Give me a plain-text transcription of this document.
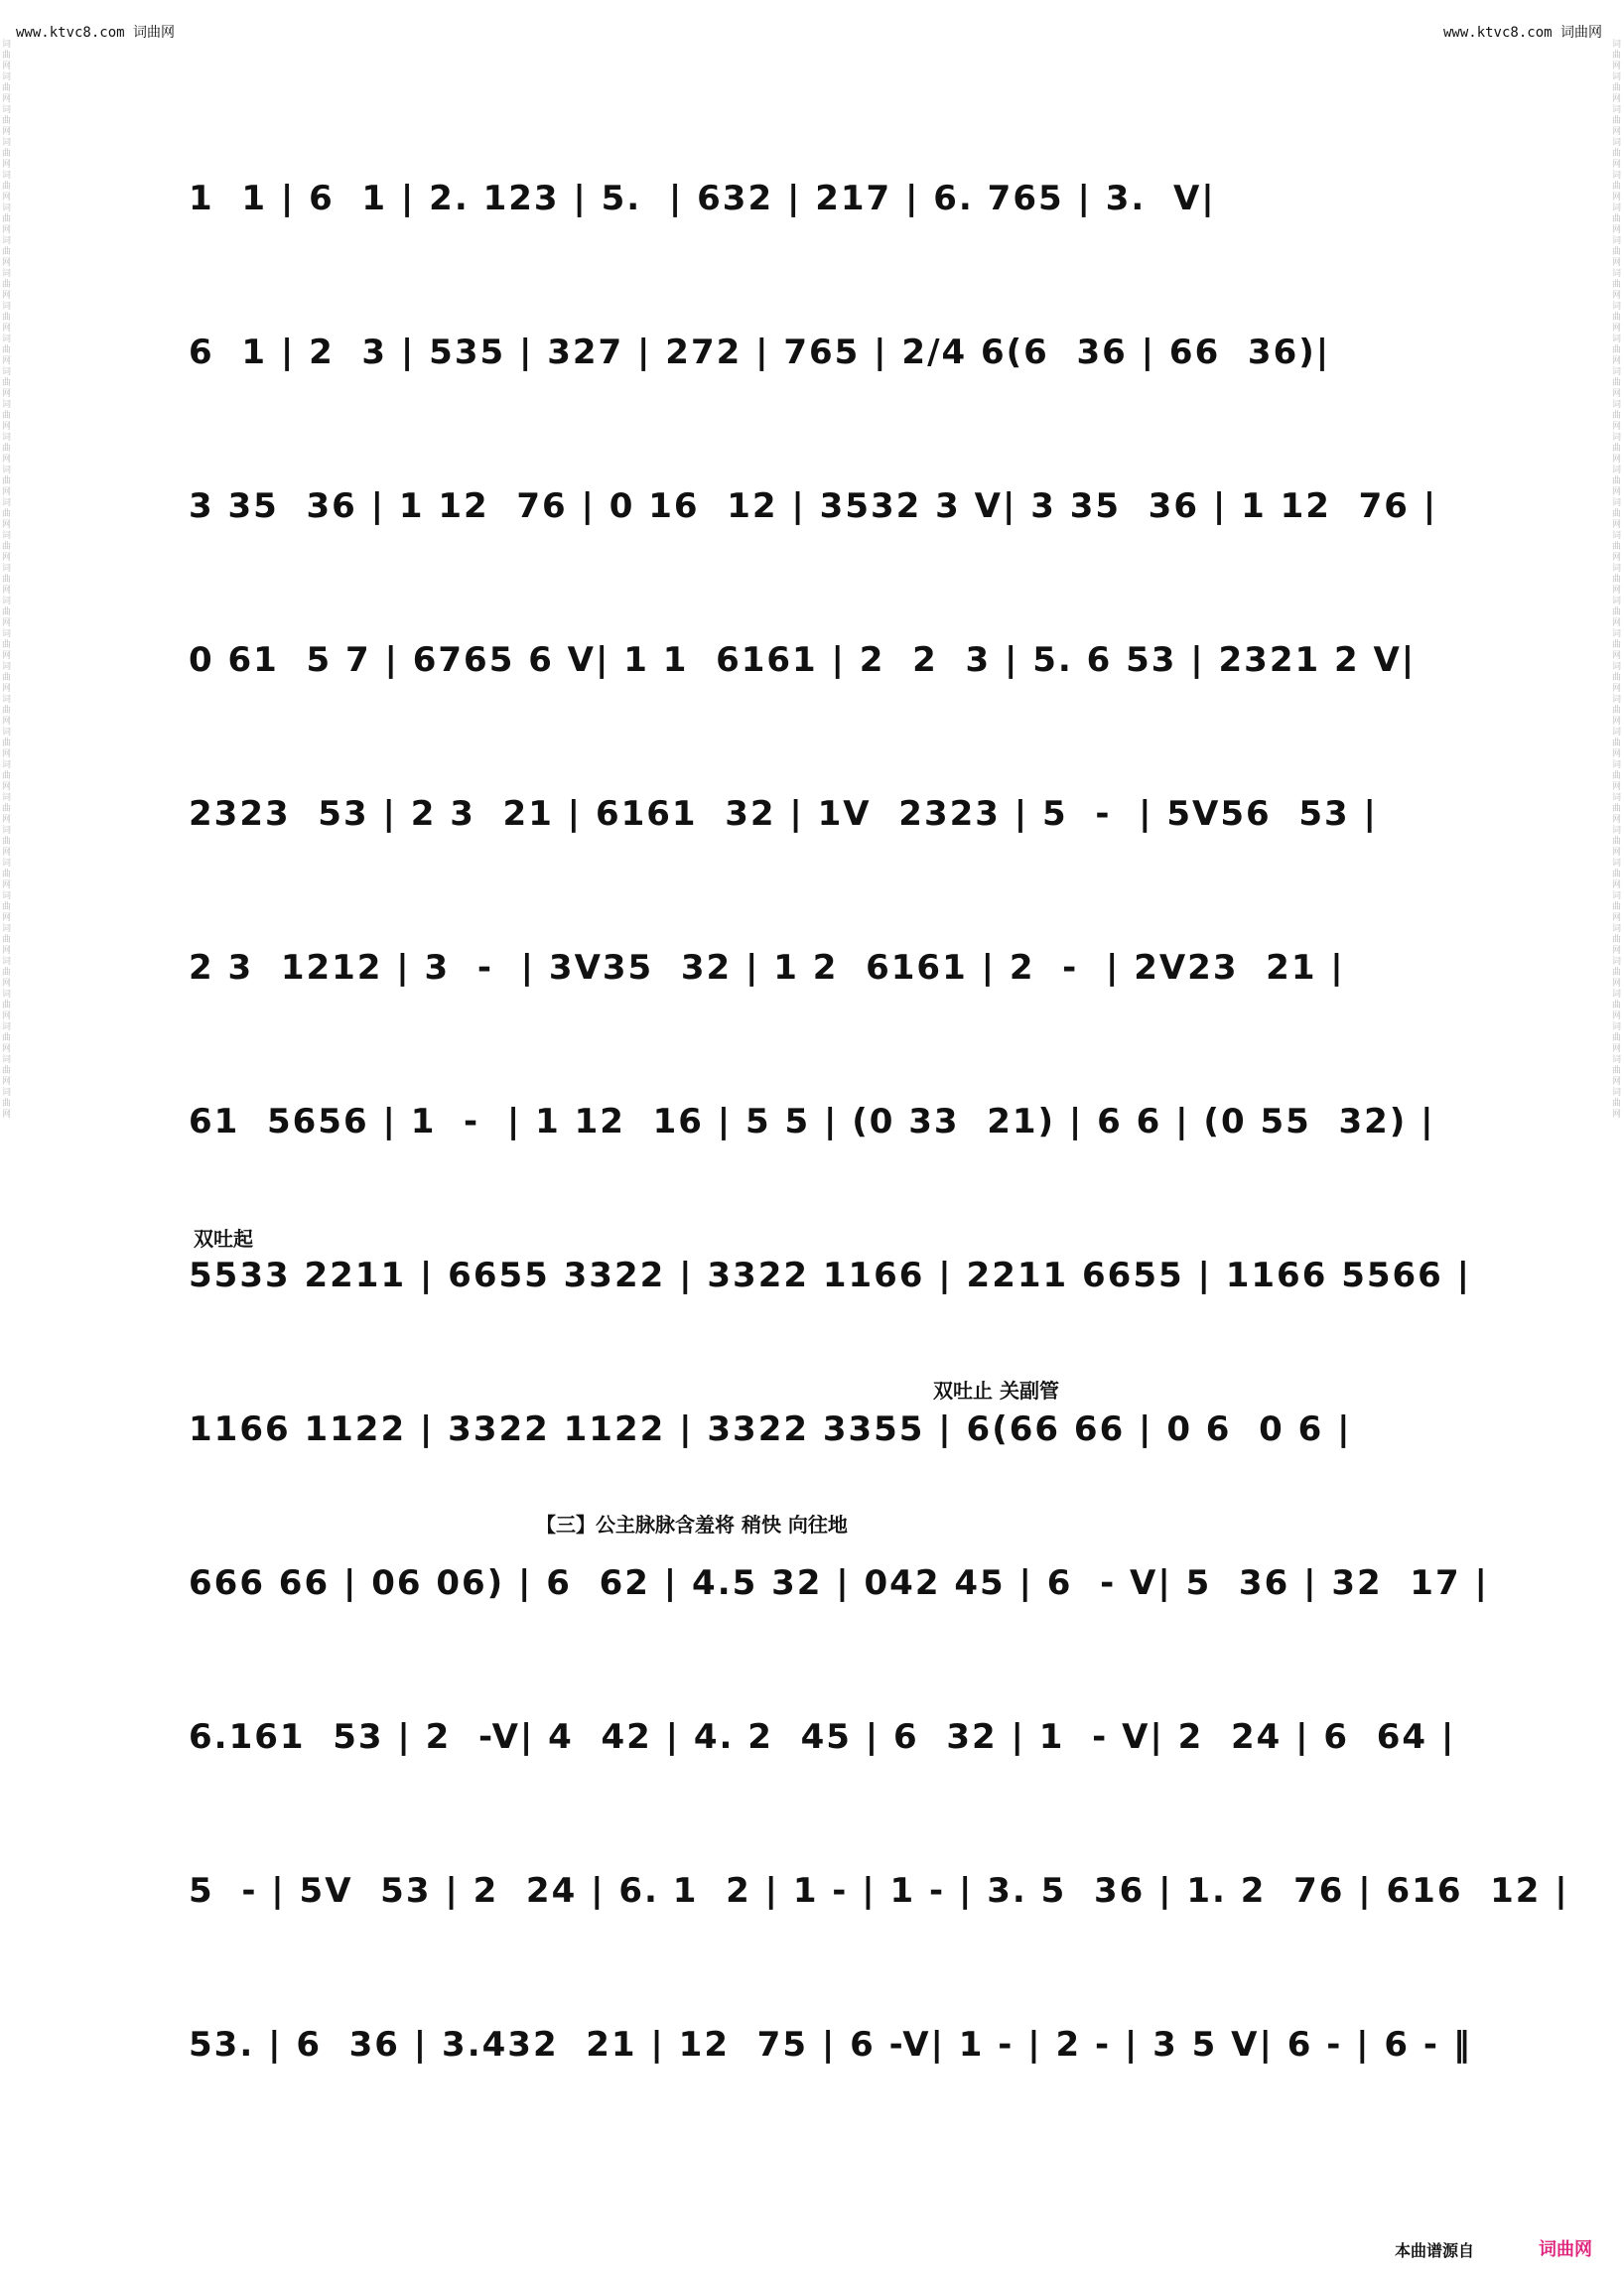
www.ktvc8.com 词曲网	www.ktvc8.com 词曲网
词曲网词曲网词曲网词曲网词曲网词曲网词曲网词曲网词曲网词曲网词曲网词曲网词曲网词曲网词曲网词曲网词曲网词曲网词曲网词曲网词曲网词曲网词曲网词曲网词曲网词曲网词曲网词曲网词曲网词曲网词曲网词曲网词曲网
词曲网词曲网词曲网词曲网词曲网词曲网词曲网词曲网词曲网词曲网词曲网词曲网词曲网词曲网词曲网词曲网词曲网词曲网词曲网词曲网词曲网词曲网词曲网词曲网词曲网词曲网词曲网词曲网词曲网词曲网词曲网词曲网词曲网
1  1 | 6  1 | 2. 123 | 5.  | 632 | 217 | 6. 765 | 3.  V|
6  1 | 2  3 | 535 | 327 | 272 | 765 | 2/4 6(6  36 | 66  36)|
3 35  36 | 1 12  76 | 0 16  12 | 3532 3 V| 3 35  36 | 1 12  76 |
0 61  5 7 | 6765 6 V| 1 1  6161 | 2  2  3 | 5. 6 53 | 2321 2 V|
2323  53 | 2 3  21 | 6161  32 | 1V  2323 | 5  -  | 5V56  53 |
2 3  1212 | 3  -  | 3V35  32 | 1 2  6161 | 2  -  | 2V23  21 |
61  5656 | 1  -  | 1 12  16 | 5 5 | (0 33  21) | 6 6 | (0 55  32) |
双吐起
5533 2211 | 6655 3322 | 3322 1166 | 2211 6655 | 1166 5566 |
双吐止 关副管
1166 1122 | 3322 1122 | 3322 3355 | 6(66 66 | 0 6  0 6 |
【三】公主脉脉含羞将 稍快 向往地
666 66 | 06 06) | 6  62 | 4.5 32 | 042 45 | 6  - V| 5  36 | 32  17 |
6.161  53 | 2  -V| 4  42 | 4. 2  45 | 6  32 | 1  - V| 2  24 | 6  64 |
5  - | 5V  53 | 2  24 | 6. 1  2 | 1 - | 1 - | 3. 5  36 | 1. 2  76 | 616  12 |
53. | 6  36 | 3.432  21 | 12  75 | 6 -V| 1 - | 2 - | 3 5 V| 6 - | 6 - ‖
本曲谱源自	词曲网
